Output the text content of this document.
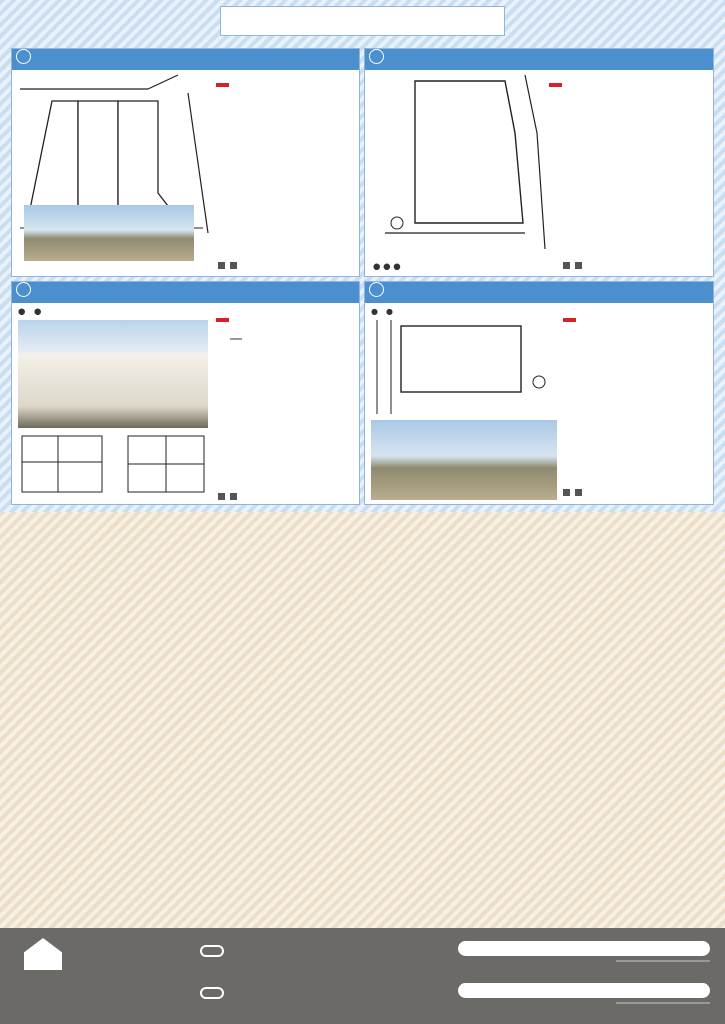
● ● ●

●　 ●
	●　 ●
